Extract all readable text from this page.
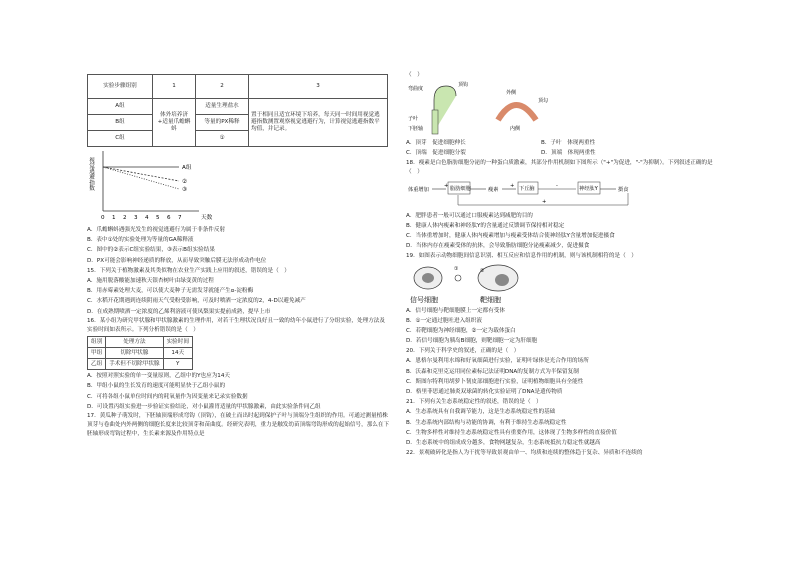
实验步骤组别	1	2	3
A组	体外培养济+适量爪蟾蝌蚪	适量生理盐水	置于相同且适宜环境下培养，每天同一时间用视觉逃避指数测置观察视觉逃避行为，计算视觉逃避指数平均值，并记录。
B组		等量的PX稀释	
C组		①	
视觉逃避指数	A组
②
③
0 1 2 3 4 5 6 7	天数
A．爪蟾蝌蚪遇强光发生的视觉逃避行为属于非条件反射
B．表中①处的实验处理为等量的GA稀释液
C．图中的②表示C组实验结果，③表示B组实验结果
D．PX可能会影响神经递质的释放，从而导致突触后膜无法形成动作电位
15．下列关于植物激素及其类似物在农业生产实践上应用的叙述，错误的是（　）
A．施用脱落酸能加速秋天银杏树叶由绿变黄的过程
B．用赤霉素处理大麦，可以使大麦种子无需发芽就能产生α-淀粉酶
C．水稻开花期遇到连续阴雨天气受粉受影响，可及时喷洒一定浓度的2，4-D以避免减产
D．在成熟期喷洒一定浓度的乙烯利溶液可使凤梨果实提前成熟，提早上市
16．某小组为研究甲状腺和甲状腺激素的生理作用，对若干生理状况良好且一致的幼年小鼠进行了分组实验，处理方法及实验时间如表所示。下列分析错误的是（　）
组别	处理方法	实验时间
甲组	切除甲状腺	14天
乙组	手术但不切除甲状腺	Y
A．按照对照实验的单一变量原则，乙组中的Y也应为14天
B．甲组小鼠的生长发育的速度可能明显快于乙组小鼠的
C．可将各组小鼠单位时间内的耗氧量作为因变量来记录实验数据
D．可设置丙组实验进一步验证实验结论，对小鼠灌胃适量的甲状腺激素，由此实验条件同乙组
17．黄瓜种子萌发时，下胚轴顶端形成弯钩（顶钩），在破土而出时起到保护子叶与顶端分生组织的作用。可通过测量植株顶芽与卷曲处内外两侧的细胞长度来比较顶芽和苗曲度。经研究表明，重力是触发幼苗顶端弯钩形成的起始信号，那么在下胚轴形成弯钩过程中，生长素来源及作用特点是
（　）
弯曲度
顶钩
子叶
下胚轴
外侧
顶勾
内侧
A．顶芽　促进细胞伸长	B．子叶　体现两重性
C．顶端　促进细胞分裂	D．顶端　体现两重性
18．瘦素是白色脂肪细胞分泌的一种蛋白质激素，其部分作用机制如下图所示（"+"为促进，"-"为抑制）。下列叙述正确的是（　）
体重增加	脂肪细胞	瘦素	下丘脑	神经肽Y	摄食
+	+	-
+
A．肥胖患者一般可以通过口服瘦素达到减肥的目的
B．健康人体内瘦素和神经肽Y的含量通过反馈调节保持相对稳定
C．当体重增加时，健康人体内瘦素增加与瘦素受体结合使神经肽Y含量增加促进摄食
D．当体内存在瘦素受体的抗体，会导致脂肪细胞分泌瘦素减少，促进摄食
19．如图表示动物细胞间信息识别、相互反应和信息作用的机制，则与该机制相符的是（　）
①	②
信号细胞	靶细胞
A．信号细胞与靶细胞膜上一定都有受体
B．①一定通过胞吐进入组织液
C．若靶细胞为神经细胞，②一定为载体蛋白
D．若信号细胞为胰岛B细胞，则靶细胞一定为肝细胞
20．下列关于科学史的叙述，正确的是（　）
A．恩格尔曼利用水绵和好氧细菌进行实验，证明叶绿体是光合作用的场所
B．沃森和克里克运用同位素标记法证明DNA的复制方式为半保留复制
C．斯图尔特利用胡萝卜韧皮部细胞进行实验，证明植物细胞具有全能性
D．格里菲思通过肺炎双球菌的转化实验证明了DNA是遗传物质
21．下列有关生态系统稳定性的叙述，错误的是（　）
A．生态系统具有自我调节能力，这是生态系统稳定性的基础
B．生态系统内部结构与功能的协调，有利于维持生态系统稳定性
C．生物多样性对维持生态系统稳定性具有重要作用，这体现了生物多样性的直接价值
D．生态系统中的组成成分越多，食物网越复杂，生态系统抵抗力稳定性就越高
22．景观破碎化是指人为干扰等导致景观由单一、均质和连续的整体趋于复杂、异质和不连续的
